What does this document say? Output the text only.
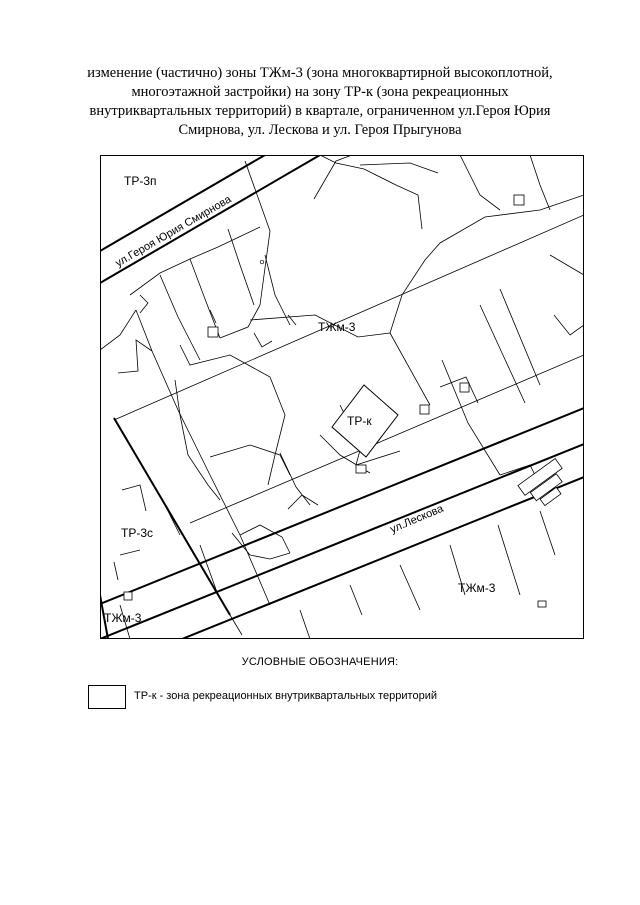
изменение (частично) зоны ТЖм-3 (зона многоквартирной высокоплотной,
многоэтажной застройки) на зону ТР-к (зона рекреационных
внутриквартальных территорий) в квартале, ограниченном ул.Героя Юрия
Смирнова, ул. Лескова и ул. Героя Прыгунова
ТР-3п
ТЖм-3
ТР-к
ТР-3с
ТЖм-3
ТЖм-3
ул.Героя Юрия Смирнова
ул.Лескова
УСЛОВНЫЕ ОБОЗНАЧЕНИЯ:
ТР-к - зона рекреационных внутриквартальных территорий
